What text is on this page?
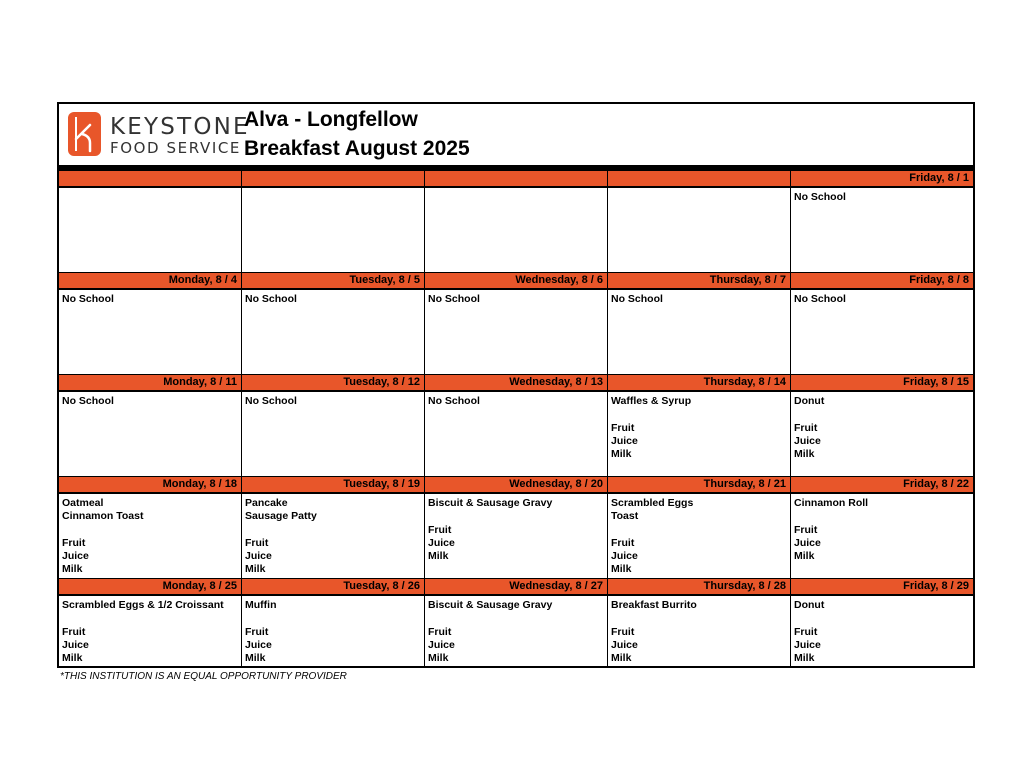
KEYSTONE
FOOD SERVICE
Alva - Longfellow
Breakfast August 2025
Friday, 8 / 1
No School
Monday, 8 / 4
No School
Tuesday, 8 / 5
No School
Wednesday, 8 / 6
No School
Thursday, 8 / 7
No School
Friday, 8 / 8
No School
Monday, 8 / 11
No School
Tuesday, 8 / 12
No School
Wednesday, 8 / 13
No School
Thursday, 8 / 14
Waffles & Syrup
Fruit
Juice
Milk
Friday, 8 / 15
Donut
Fruit
Juice
Milk
Monday, 8 / 18
Oatmeal
Cinnamon Toast
Fruit
Juice
Milk
Tuesday, 8 / 19
Pancake
Sausage Patty
Fruit
Juice
Milk
Wednesday, 8 / 20
Biscuit & Sausage Gravy
Fruit
Juice
Milk
Thursday, 8 / 21
Scrambled Eggs
Toast
Fruit
Juice
Milk
Friday, 8 / 22
Cinnamon Roll
Fruit
Juice
Milk
Monday, 8 / 25
Scrambled Eggs & 1/2 Croissant
Fruit
Juice
Milk
Tuesday, 8 / 26
Muffin
Fruit
Juice
Milk
Wednesday, 8 / 27
Biscuit & Sausage Gravy
Fruit
Juice
Milk
Thursday, 8 / 28
Breakfast Burrito
Fruit
Juice
Milk
Friday, 8 / 29
Donut
Fruit
Juice
Milk
*THIS INSTITUTION IS AN EQUAL OPPORTUNITY PROVIDER
